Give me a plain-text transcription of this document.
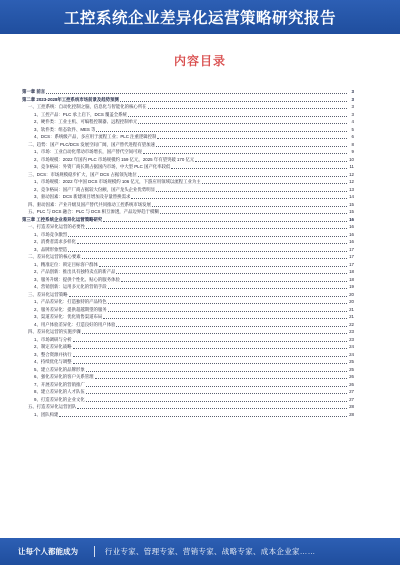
工控系统企业差异化运营策略研究报告
内容目录
第一章 前言	3
第二章 2023-2028年工控系统市场前景及趋势预测	3
一、工控系统：自动化控制之脑，信息化与智能化的核心所在	3
1、工控产品：PLC 承上启下，DCS 覆盖全系统	3
2、硬件类：工业主机、可编程控制器、远程控制单元	4
3、软件类：组态软件、MES 等	5
4、DCS：系统级产品，多应用于流程工业；PLC 注重逻辑控制	6
二、趋势：国产 PLC/DCS 发展空间广阔，国产替代进程有望加速	8
1、市场：工业自动化带动市场增长，国产替代空间可观	9
2、市场规模：2022 年国内 PLC 市场规模约 159 亿元，2025 年有望突破 170 亿元	10
3、竞争格局：外资厂商长期占据国内市场，中大型 PLC 国产化率较低	11
三、DCS：市场规模稳步扩大，国产 DCS 占据领先地位	12
1、市场规模：2022 年中国 DCS 市场规模约 106 亿元，下游应用领域以流程工业为主	12
2、竞争格局：国产厂商占据较大份额，国产龙头企业优势明显	13
3、驱动因素：DCS 新建项目增加及存量替换需求	14
四、驱动因素：产业升级及国产替代共同推动工控系统市场发展	15
五、PLC 与 DCS 融合：PLC 与 DCS 相互渗透，产品边界趋于模糊	15
第三章 工控系统企业差异化运营策略研究	16
一、打造差异化运营的必要性	16
1、市场竞争激烈	16
2、消费者需求多样化	16
3、品牌形象塑造	17
二、差异化运营的核心要素	17
1、精准定位：锁定目标客户群体	17
2、产品创新：推出具有独特卖点的新产品	18
3、服务升级：提供个性化、贴心的服务体验	18
4、营销创新：运用多元化的营销手段	19
三、差异化运营策略	20
1、产品差异化：打造独特的产品特色	20
2、服务差异化：提供超越期望的服务	21
3、渠道差异化：优化销售渠道布局	21
4、用户体验差异化：打造良好的用户体验	22
四、差异化运营的实施步骤	23
1、市场调研与分析	23
2、制定差异化战略	24
3、整合资源并执行	24
4、持续优化与调整	25
5、建立差异化的品牌形象	25
6、强化差异化的客户关系管理	26
7、开展差异化的营销推广	26
8、建立差异化的人才队伍	27
9、打造差异化的企业文化	27
五、打造差异化运营团队	28
1、团队构建	28
让每个人都能成为	行业专家、管理专家、营销专家、战略专家、成本企业家……
